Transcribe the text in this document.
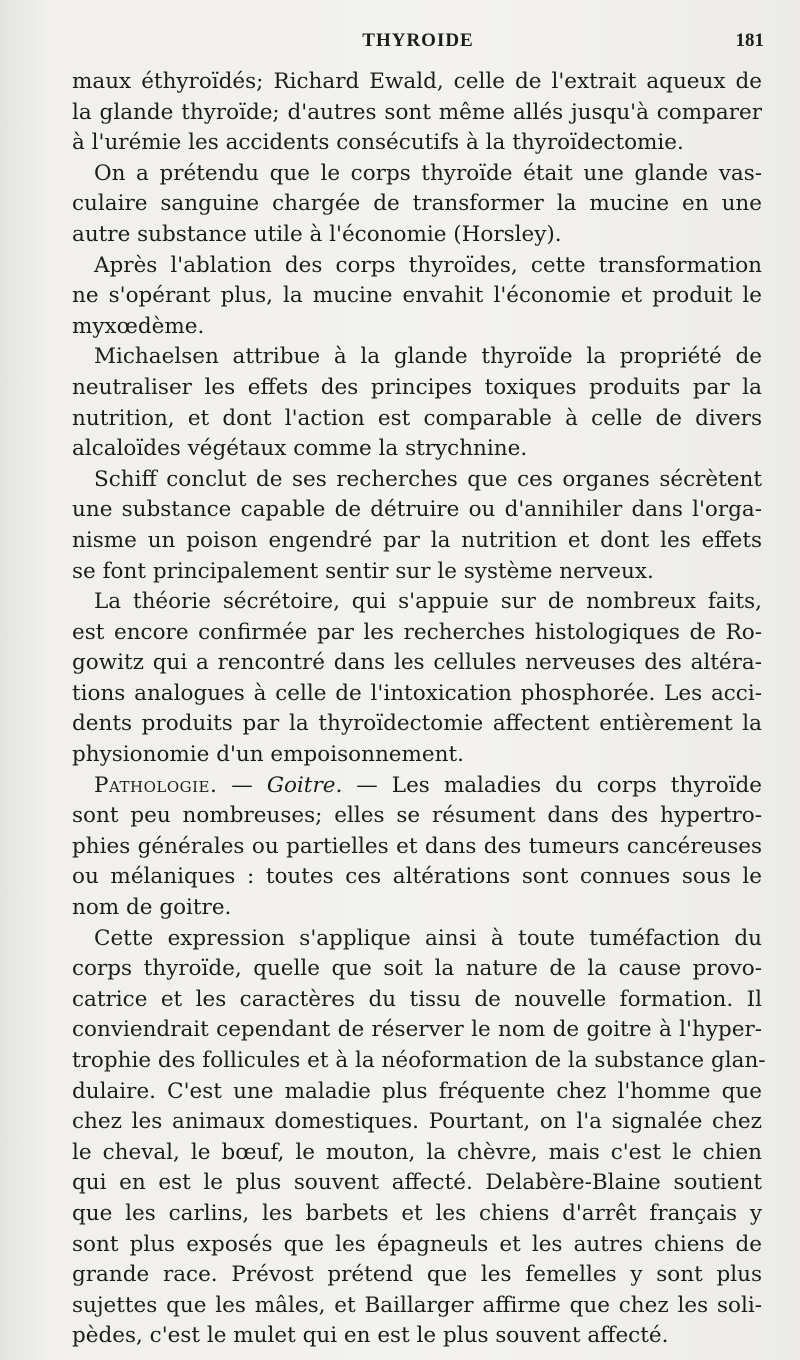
THYROIDE	181
maux éthyroïdés; Richard Ewald, celle de l'extrait aqueux de
la glande thyroïde; d'autres sont même allés jusqu'à comparer
à l'urémie les accidents consécutifs à la thyroïdectomie.
On a prétendu que le corps thyroïde était une glande vas-
culaire sanguine chargée de transformer la mucine en une
autre substance utile à l'économie (Horsley).
Après l'ablation des corps thyroïdes, cette transformation
ne s'opérant plus, la mucine envahit l'économie et produit le
myxœdème.
Michaelsen attribue à la glande thyroïde la propriété de
neutraliser les effets des principes toxiques produits par la
nutrition, et dont l'action est comparable à celle de divers
alcaloïdes végétaux comme la strychnine.
Schiff conclut de ses recherches que ces organes sécrètent
une substance capable de détruire ou d'annihiler dans l'orga-
nisme un poison engendré par la nutrition et dont les effets
se font principalement sentir sur le système nerveux.
La théorie sécrétoire, qui s'appuie sur de nombreux faits,
est encore confirmée par les recherches histologiques de Ro-
gowitz qui a rencontré dans les cellules nerveuses des altéra-
tions analogues à celle de l'intoxication phosphorée. Les acci-
dents produits par la thyroïdectomie affectent entièrement la
physionomie d'un empoisonnement.
Pathologie. — Goitre. — Les maladies du corps thyroïde
sont peu nombreuses; elles se résument dans des hypertro-
phies générales ou partielles et dans des tumeurs cancéreuses
ou mélaniques : toutes ces altérations sont connues sous le
nom de goitre.
Cette expression s'applique ainsi à toute tuméfaction du
corps thyroïde, quelle que soit la nature de la cause provo-
catrice et les caractères du tissu de nouvelle formation. Il
conviendrait cependant de réserver le nom de goitre à l'hyper-
trophie des follicules et à la néoformation de la substance glan-
dulaire. C'est une maladie plus fréquente chez l'homme que
chez les animaux domestiques. Pourtant, on l'a signalée chez
le cheval, le bœuf, le mouton, la chèvre, mais c'est le chien
qui en est le plus souvent affecté. Delabère-Blaine soutient
que les carlins, les barbets et les chiens d'arrêt français y
sont plus exposés que les épagneuls et les autres chiens de
grande race. Prévost prétend que les femelles y sont plus
sujettes que les mâles, et Baillarger affirme que chez les soli-
pèdes, c'est le mulet qui en est le plus souvent affecté.
